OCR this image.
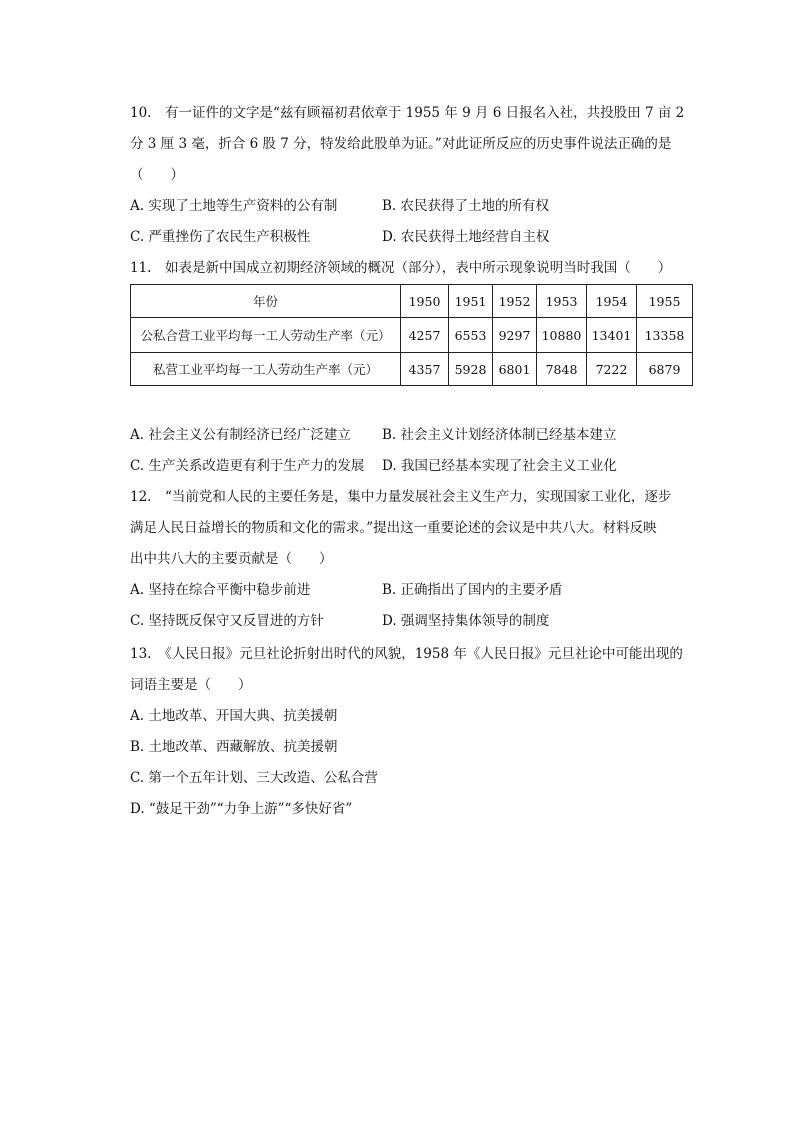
10.　有一证件的文字是“兹有顾福初君依章于 1955 年 9 月 6 日报名入社，共投股田 7 亩 2
分 3 厘 3 毫，折合 6 股 7 分，特发给此股单为证。”对此证所反应的历史事件说法正确的是
（　　）
A. 实现了土地等生产资料的公有制	B. 农民获得了土地的所有权
C. 严重挫伤了农民生产积极性	D. 农民获得土地经营自主权
11.　如表是新中国成立初期经济领域的概况（部分），表中所示现象说明当时我国（　　）
年份	1950	1951	1952	1953	1954	1955
公私合营工业平均每一工人劳动生产率（元）	4257	6553	9297	10880	13401	13358
私营工业平均每一工人劳动生产率（元）	4357	5928	6801	7848	7222	6879
A. 社会主义公有制经济已经广泛建立 B. 社会主义计划经济体制已经基本建立
C. 生产关系改造更有利于生产力的发展 D. 我国已经基本实现了社会主义工业化
12.　“当前党和人民的主要任务是，集中力量发展社会主义生产力，实现国家工业化，逐步
满足人民日益增长的物质和文化的需求。”提出这一重要论述的会议是中共八大。材料反映
出中共八大的主要贡献是（　　）
A. 坚持在综合平衡中稳步前进	B. 正确指出了国内的主要矛盾
C. 坚持既反保守又反冒进的方针	D. 强调坚持集体领导的制度
13.　《人民日报》元旦社论折射出时代的风貌，1958 年《人民日报》元旦社论中可能出现的
词语主要是（　　）
A. 土地改革、开国大典、抗美援朝
B. 土地改革、西藏解放、抗美援朝
C. 第一个五年计划、三大改造、公私合营
D. “鼓足干劲”“力争上游”“多快好省”
